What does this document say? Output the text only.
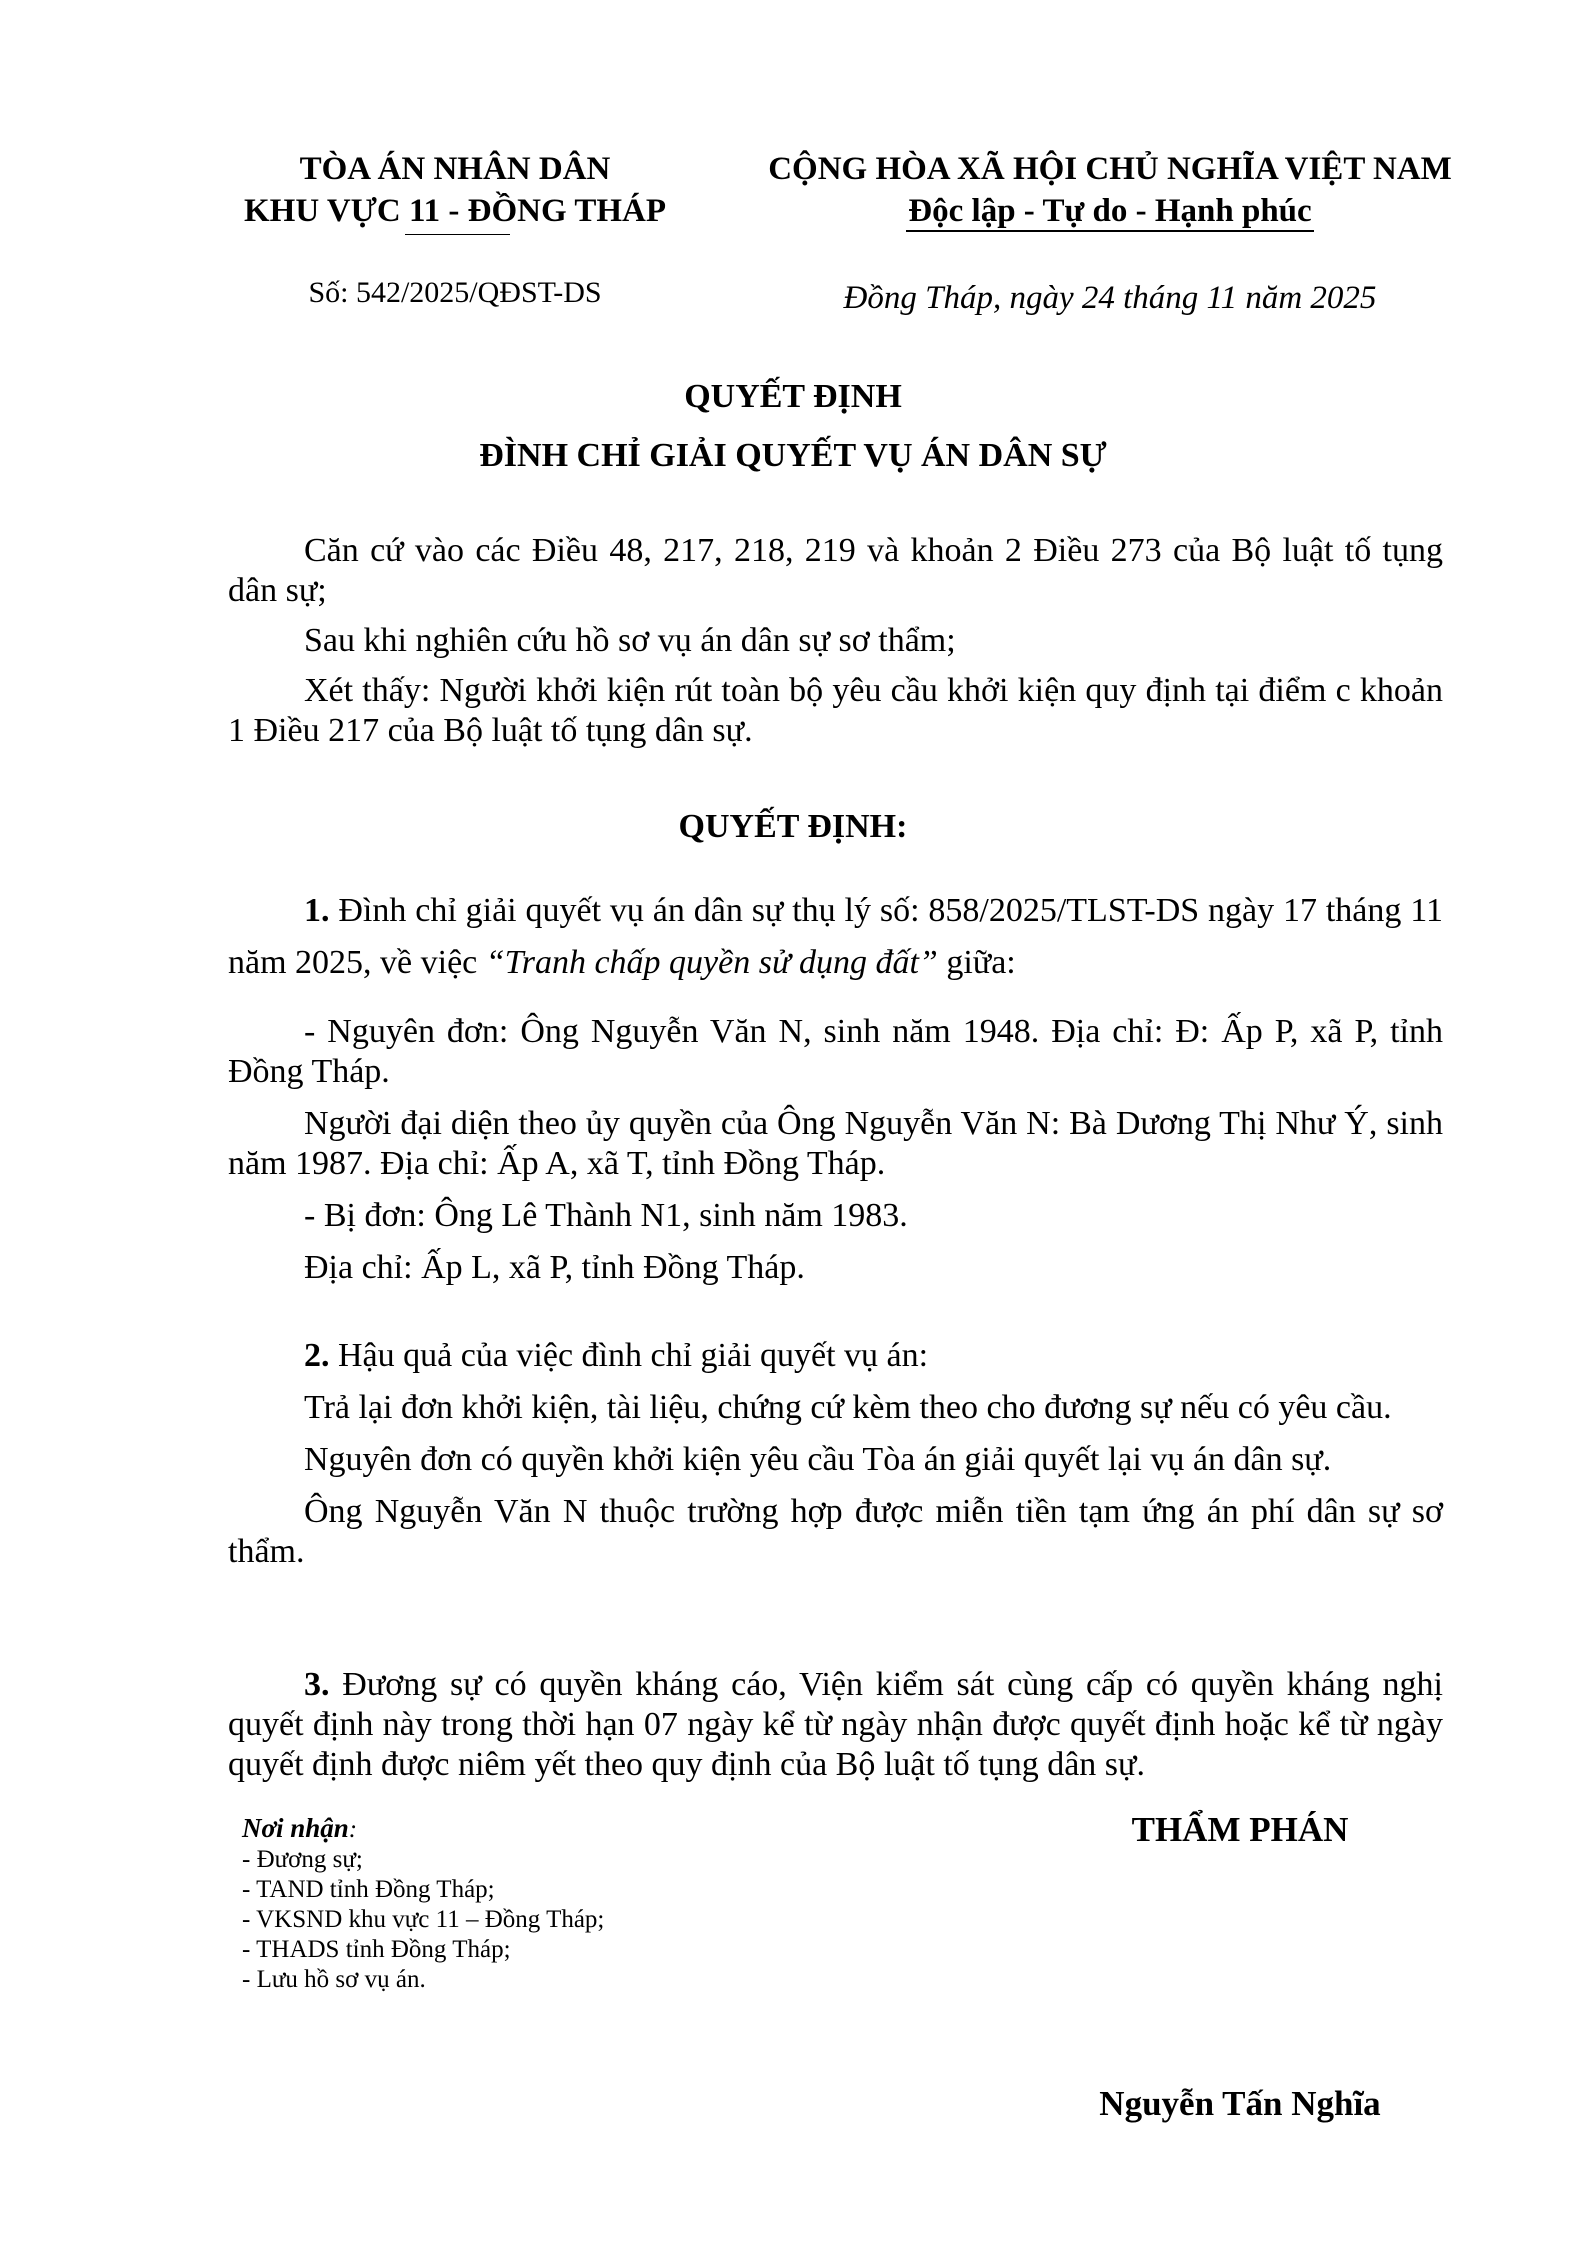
TÒA ÁN NHÂN DÂN
KHU VỰC 11 - ĐỒNG THÁP
CỘNG HÒA XÃ HỘI CHỦ NGHĨA VIỆT NAM
Độc lập - Tự do - Hạnh phúc
Số: 542/2025/QĐST-DS	Đồng Tháp, ngày 24 tháng 11 năm 2025
QUYẾT ĐỊNH
ĐÌNH CHỈ GIẢI QUYẾT VỤ ÁN DÂN SỰ

Căn cứ vào các Điều 48, 217, 218, 219 và khoản 2 Điều 273 của Bộ luật tố tụng dân sự;

Sau khi nghiên cứu hồ sơ vụ án dân sự sơ thẩm;

Xét thấy: Người khởi kiện rút toàn bộ yêu cầu khởi kiện quy định tại điểm c khoản 1 Điều 217 của Bộ luật tố tụng dân sự.

QUYẾT ĐỊNH:

1. Đình chỉ giải quyết vụ án dân sự thụ lý số: 858/2025/TLST-DS ngày 17 tháng 11 năm 2025, về việc “Tranh chấp quyền sử dụng đất” giữa:

- Nguyên đơn: Ông Nguyễn Văn N, sinh năm 1948. Địa chỉ: Đ: Ấp P, xã P, tỉnh Đồng Tháp.

Người đại diện theo ủy quyền của Ông Nguyễn Văn N: Bà Dương Thị Như Ý, sinh năm 1987. Địa chỉ: Ấp A, xã T, tỉnh Đồng Tháp.

- Bị đơn: Ông Lê Thành N1, sinh năm 1983.

Địa chỉ: Ấp L, xã P, tỉnh Đồng Tháp.

2. Hậu quả của việc đình chỉ giải quyết vụ án:

Trả lại đơn khởi kiện, tài liệu, chứng cứ kèm theo cho đương sự nếu có yêu cầu.

Nguyên đơn có quyền khởi kiện yêu cầu Tòa án giải quyết lại vụ án dân sự.

Ông Nguyễn Văn N thuộc trường hợp được miễn tiền tạm ứng án phí dân sự sơ thẩm.

3. Đương sự có quyền kháng cáo, Viện kiểm sát cùng cấp có quyền kháng nghị quyết định này trong thời hạn 07 ngày kể từ ngày nhận được quyết định hoặc kể từ ngày quyết định được niêm yết theo quy định của Bộ luật tố tụng dân sự.

Nơi nhận:
- Đương sự;
- TAND tỉnh Đồng Tháp;
- VKSND khu vực 11 – Đồng Tháp;
- THADS tỉnh Đồng Tháp;
- Lưu hồ sơ vụ án.
THẨM PHÁN
Nguyễn Tấn Nghĩa
